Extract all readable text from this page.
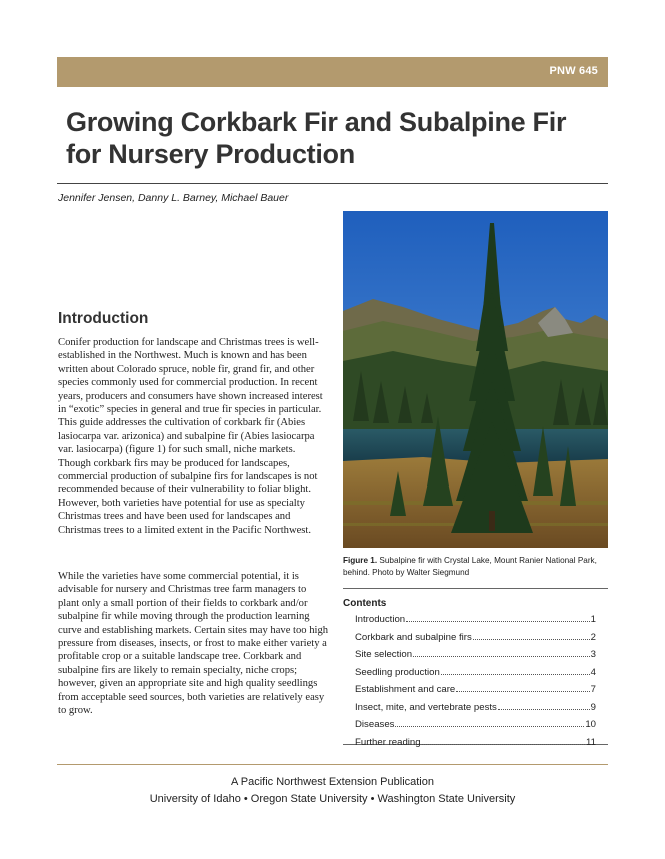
PNW 645
Growing Corkbark Fir and Subalpine Fir for Nursery Production
Jennifer Jensen, Danny L. Barney, Michael Bauer
Introduction

Conifer production for landscape and Christmas trees is well-established in the Northwest. Much is known and has been written about Colorado spruce, noble fir, grand fir, and other species commonly used for commercial production. In recent years, producers and consumers have shown increased interest in “exotic” species in general and true fir species in particular. This guide addresses the cultivation of corkbark fir (Abies lasiocarpa var. arizonica) and subalpine fir (Abies lasiocarpa var. lasiocarpa) (figure 1) for such small, niche markets. Though corkbark firs may be produced for landscapes, commercial production of subalpine firs for landscapes is not recommended because of their vulnerability to foliar blight. However, both varieties have potential for use as specialty Christmas trees and have been used for landscapes and Christmas trees to a limited extent in the Pacific Northwest.

While the varieties have some commercial potential, it is advisable for nursery and Christmas tree farm managers to plant only a small portion of their fields to corkbark and/or subalpine fir while moving through the production learning curve and establishing markets. Certain sites may have too high pressure from diseases, insects, or frost to make either variety a profitable crop or a suitable landscape tree. Corkbark and subalpine firs are likely to remain specialty, niche crops; however, given an appropriate site and high quality seedlings from acceptable seed sources, both varieties are relatively easy to grow.

Figure 1. Subalpine fir with Crystal Lake, Mount Ranier National Park, behind. Photo by Walter Siegmund
Contents
Introduction	1
Corkbark and subalpine firs	2
Site selection	3
Seedling production	4
Establishment and care	7
Insect, mite, and vertebrate pests	9
Diseases	10
Further reading	11
A Pacific Northwest Extension Publication
University of Idaho • Oregon State University • Washington State University
